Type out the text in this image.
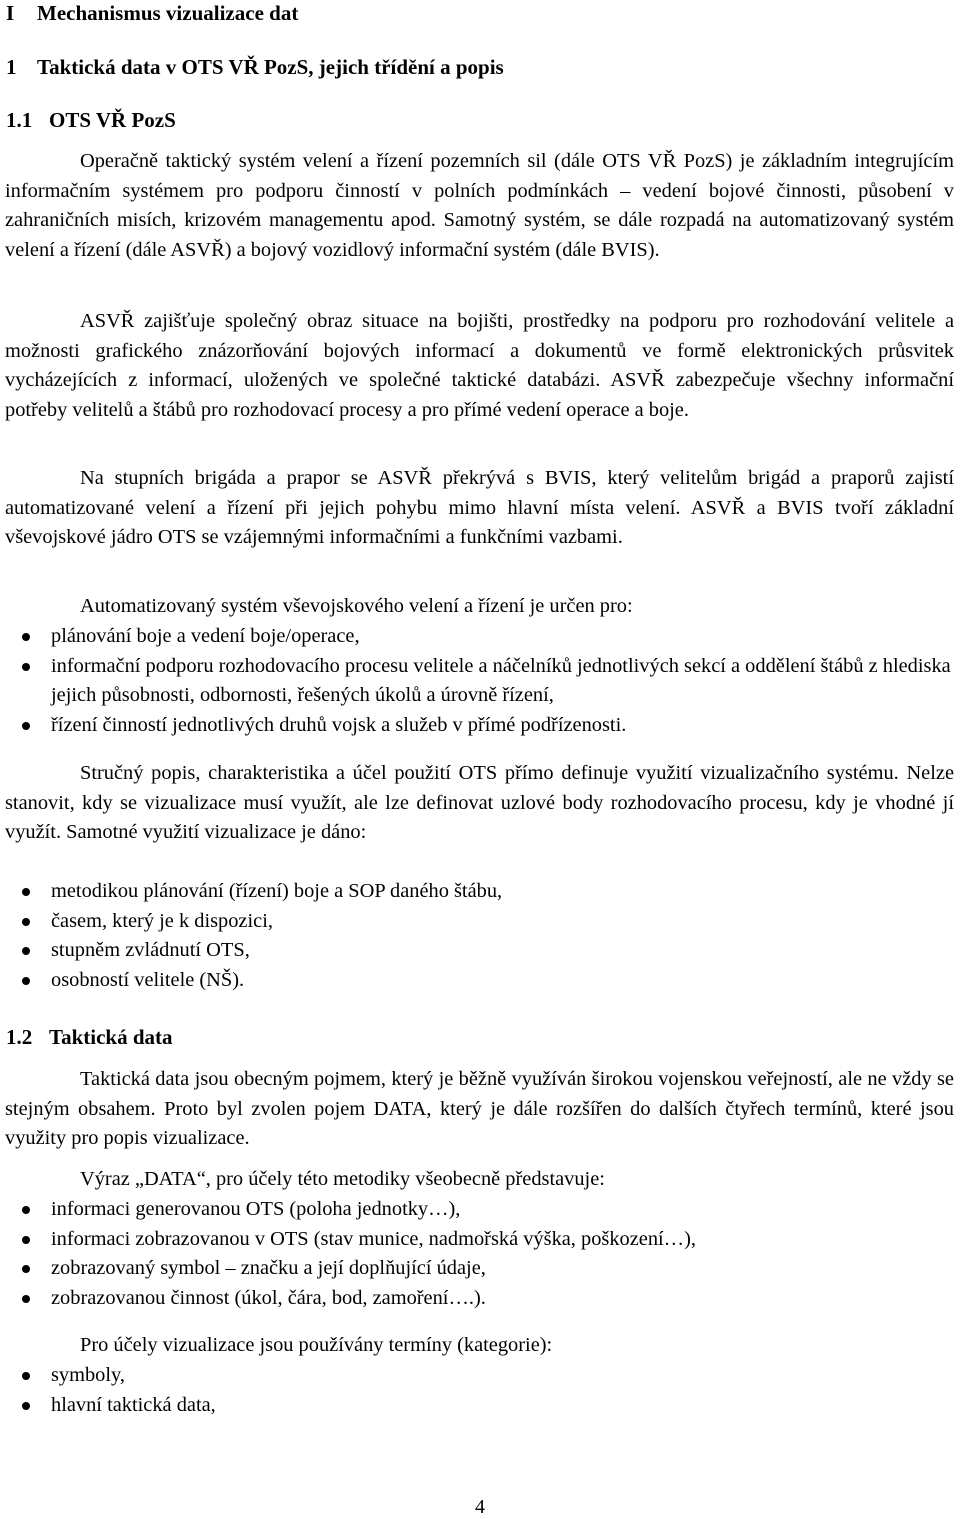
I Mechanismus vizualizace dat
1 Taktická data v OTS VŘ PozS, jejich třídění a popis
1.1 OTS VŘ PozS

Operačně taktický systém velení a řízení pozemních sil (dále OTS VŘ PozS) je základním integrujícím informačním systémem pro podporu činností v polních podmínkách – vedení bojové činnosti, působení v zahraničních misích, krizovém managementu apod. Samotný systém, se dále rozpadá na automatizovaný systém velení a řízení (dále ASVŘ) a bojový vozidlový informační systém (dále BVIS).

ASVŘ zajišťuje společný obraz situace na bojišti, prostředky na podporu pro rozhodování velitele a možnosti grafického znázorňování bojových informací a dokumentů ve formě elektronických průsvitek vycházejících z informací, uložených ve společné taktické databázi. ASVŘ zabezpečuje všechny informační potřeby velitelů a štábů pro rozhodovací procesy a pro přímé vedení operace a boje.

Na stupních brigáda a prapor se ASVŘ překrývá s BVIS, který velitelům brigád a praporů zajistí automatizované velení a řízení při jejich pohybu mimo hlavní místa velení. ASVŘ a BVIS tvoří základní vševojskové jádro OTS se vzájemnými informačními a funkčními vazbami.

Automatizovaný systém vševojskového velení a řízení je určen pro:

plánování boje a vedení boje/operace,
informační podporu rozhodovacího procesu velitele a náčelníků jednotlivých sekcí a oddělení štábů z hlediska jejich působnosti, odbornosti, řešených úkolů a úrovně řízení,
řízení činností jednotlivých druhů vojsk a služeb v přímé podřízenosti.

Stručný popis, charakteristika a účel použití OTS přímo definuje využití vizualizačního systému. Nelze stanovit, kdy se vizualizace musí využít, ale lze definovat uzlové body rozhodovacího procesu, kdy je vhodné jí využít. Samotné využití vizualizace je dáno:

metodikou plánování (řízení) boje a SOP daného štábu,
časem, který je k dispozici,
stupněm zvládnutí OTS,
osobností velitele (NŠ).
1.2 Taktická data

Taktická data jsou obecným pojmem, který je běžně využíván širokou vojenskou veřejností, ale ne vždy se stejným obsahem. Proto byl zvolen pojem DATA, který je dále rozšířen do dalších čtyřech termínů, které jsou využity pro popis vizualizace.

Výraz „DATA“, pro účely této metodiky všeobecně představuje:

informaci generovanou OTS (poloha jednotky…),
informaci zobrazovanou v OTS (stav munice, nadmořská výška, poškození…),
zobrazovaný symbol – značku a její doplňující údaje,
zobrazovanou činnost (úkol, čára, bod, zamoření….).

Pro účely vizualizace jsou používány termíny (kategorie):

symboly,
hlavní taktická data,
4
